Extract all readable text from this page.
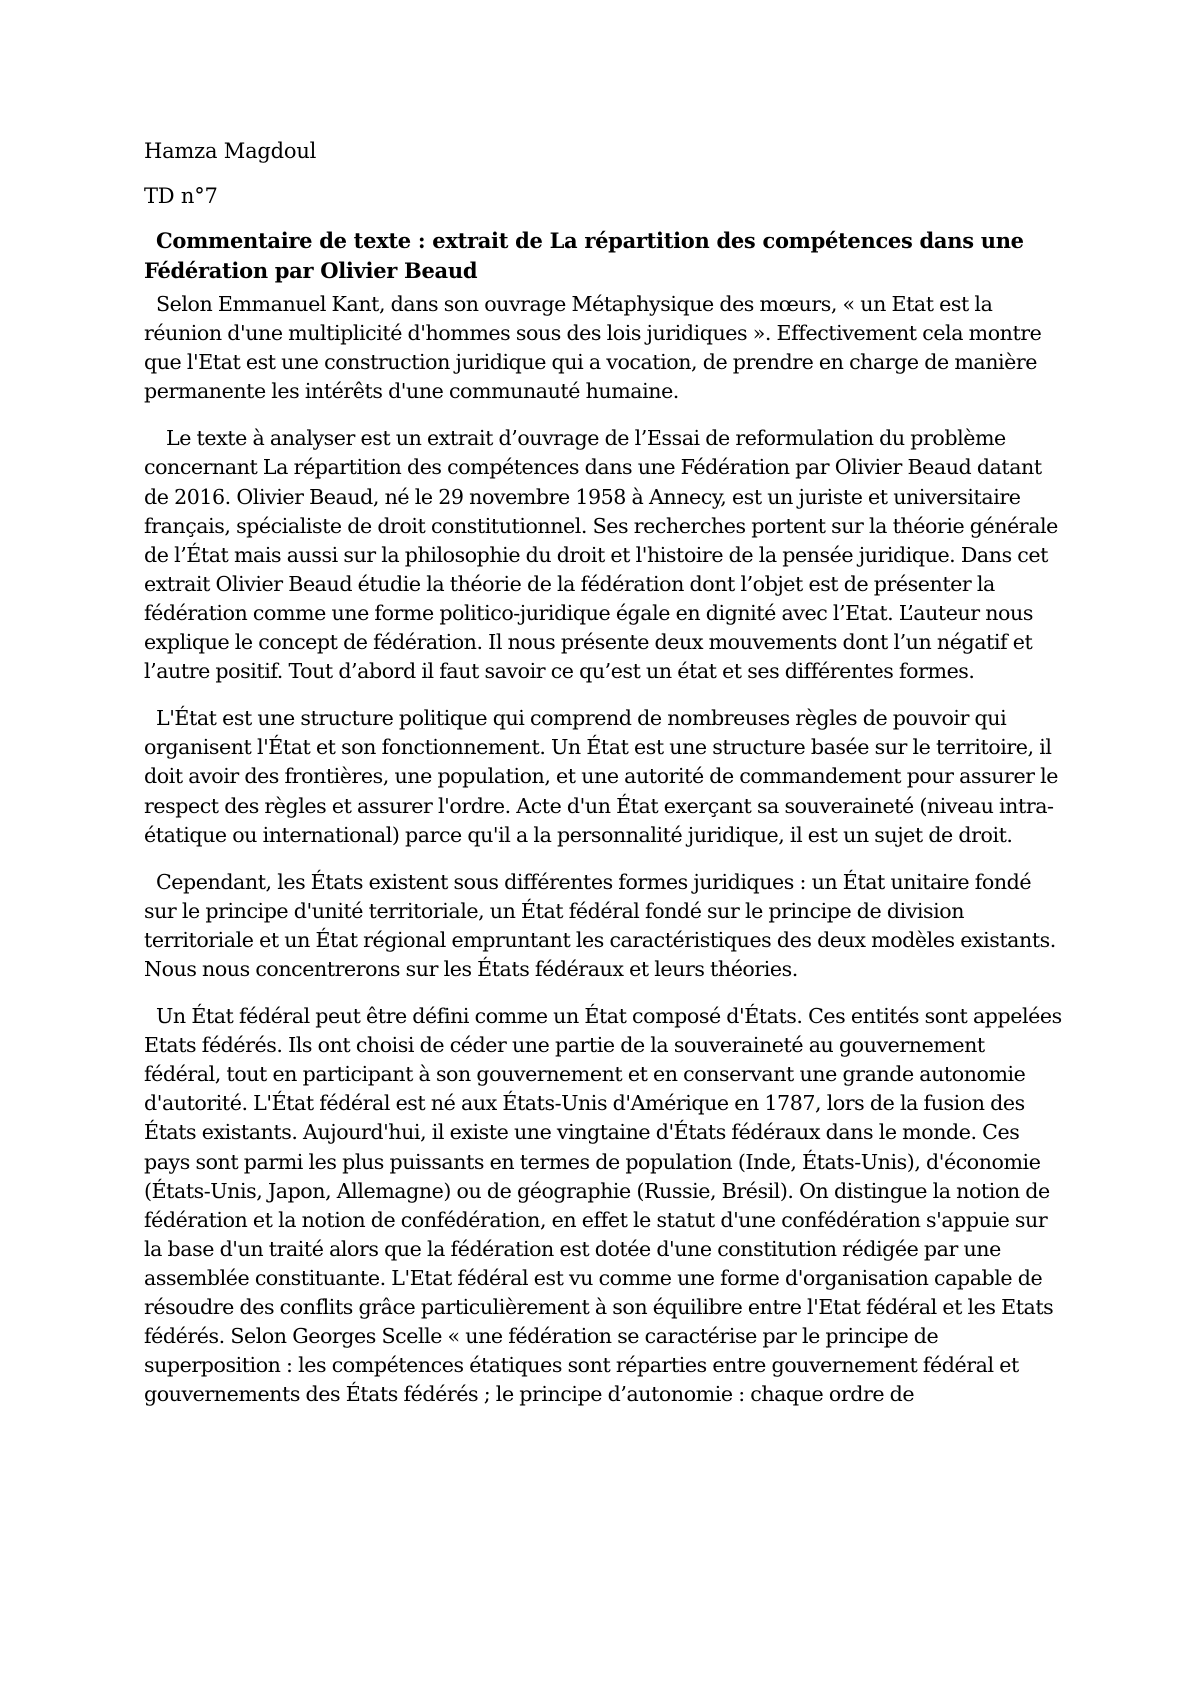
Hamza Magdoul

TD n°7

Commentaire de texte : extrait de La répartition des compétences dans une Fédération par Olivier Beaud

Selon Emmanuel Kant, dans son ouvrage Métaphysique des mœurs, « un Etat est la réunion d'une multiplicité d'hommes sous des lois juridiques ». Effectivement cela montre que l'Etat est une construction juridique qui a vocation, de prendre en charge de manière permanente les intérêts d'une communauté humaine.

Le texte à analyser est un extrait d’ouvrage de l’Essai de reformulation du problème concernant La répartition des compétences dans une Fédération par Olivier Beaud datant de 2016. Olivier Beaud, né le 29 novembre 1958 à Annecy, est un juriste et universitaire français, spécialiste de droit constitutionnel. Ses recherches portent sur la théorie générale de l’État mais aussi sur la philosophie du droit et l'histoire de la pensée juridique. Dans cet extrait Olivier Beaud étudie la théorie de la fédération dont l’objet est de présenter la fédération comme une forme politico-juridique égale en dignité avec l’Etat. L’auteur nous explique le concept de fédération. Il nous présente deux mouvements dont l’un négatif et l’autre positif. Tout d’abord il faut savoir ce qu’est un état et ses différentes formes.

L'État est une structure politique qui comprend de nombreuses règles de pouvoir qui organisent l'État et son fonctionnement. Un État est une structure basée sur le territoire, il doit avoir des frontières, une population, et une autorité de commandement pour assurer le respect des règles et assurer l'ordre. Acte d'un État exerçant sa souveraineté (niveau intra-étatique ou international) parce qu'il a la personnalité juridique, il est un sujet de droit.

Cependant, les États existent sous différentes formes juridiques : un État unitaire fondé sur le principe d'unité territoriale, un État fédéral fondé sur le principe de division territoriale et un État régional empruntant les caractéristiques des deux modèles existants. Nous nous concentrerons sur les États fédéraux et leurs théories.

Un État fédéral peut être défini comme un État composé d'États. Ces entités sont appelées Etats fédérés. Ils ont choisi de céder une partie de la souveraineté au gouvernement fédéral, tout en participant à son gouvernement et en conservant une grande autonomie d'autorité. L'État fédéral est né aux États-Unis d'Amérique en 1787, lors de la fusion des États existants. Aujourd'hui, il existe une vingtaine d'États fédéraux dans le monde. Ces pays sont parmi les plus puissants en termes de population (Inde, États-Unis), d'économie (États-Unis, Japon, Allemagne) ou de géographie (Russie, Brésil). On distingue la notion de fédération et la notion de confédération, en effet le statut d'une confédération s'appuie sur la base d'un traité alors que la fédération est dotée d'une constitution rédigée par une assemblée constituante. L'Etat fédéral est vu comme une forme d'organisation capable de résoudre des conflits grâce particulièrement à son équilibre entre l'Etat fédéral et les Etats fédérés. Selon Georges Scelle « une fédération se caractérise par le principe de superposition : les compétences étatiques sont réparties entre gouvernement fédéral et gouvernements des États fédérés ; le principe d’autonomie : chaque ordre de
